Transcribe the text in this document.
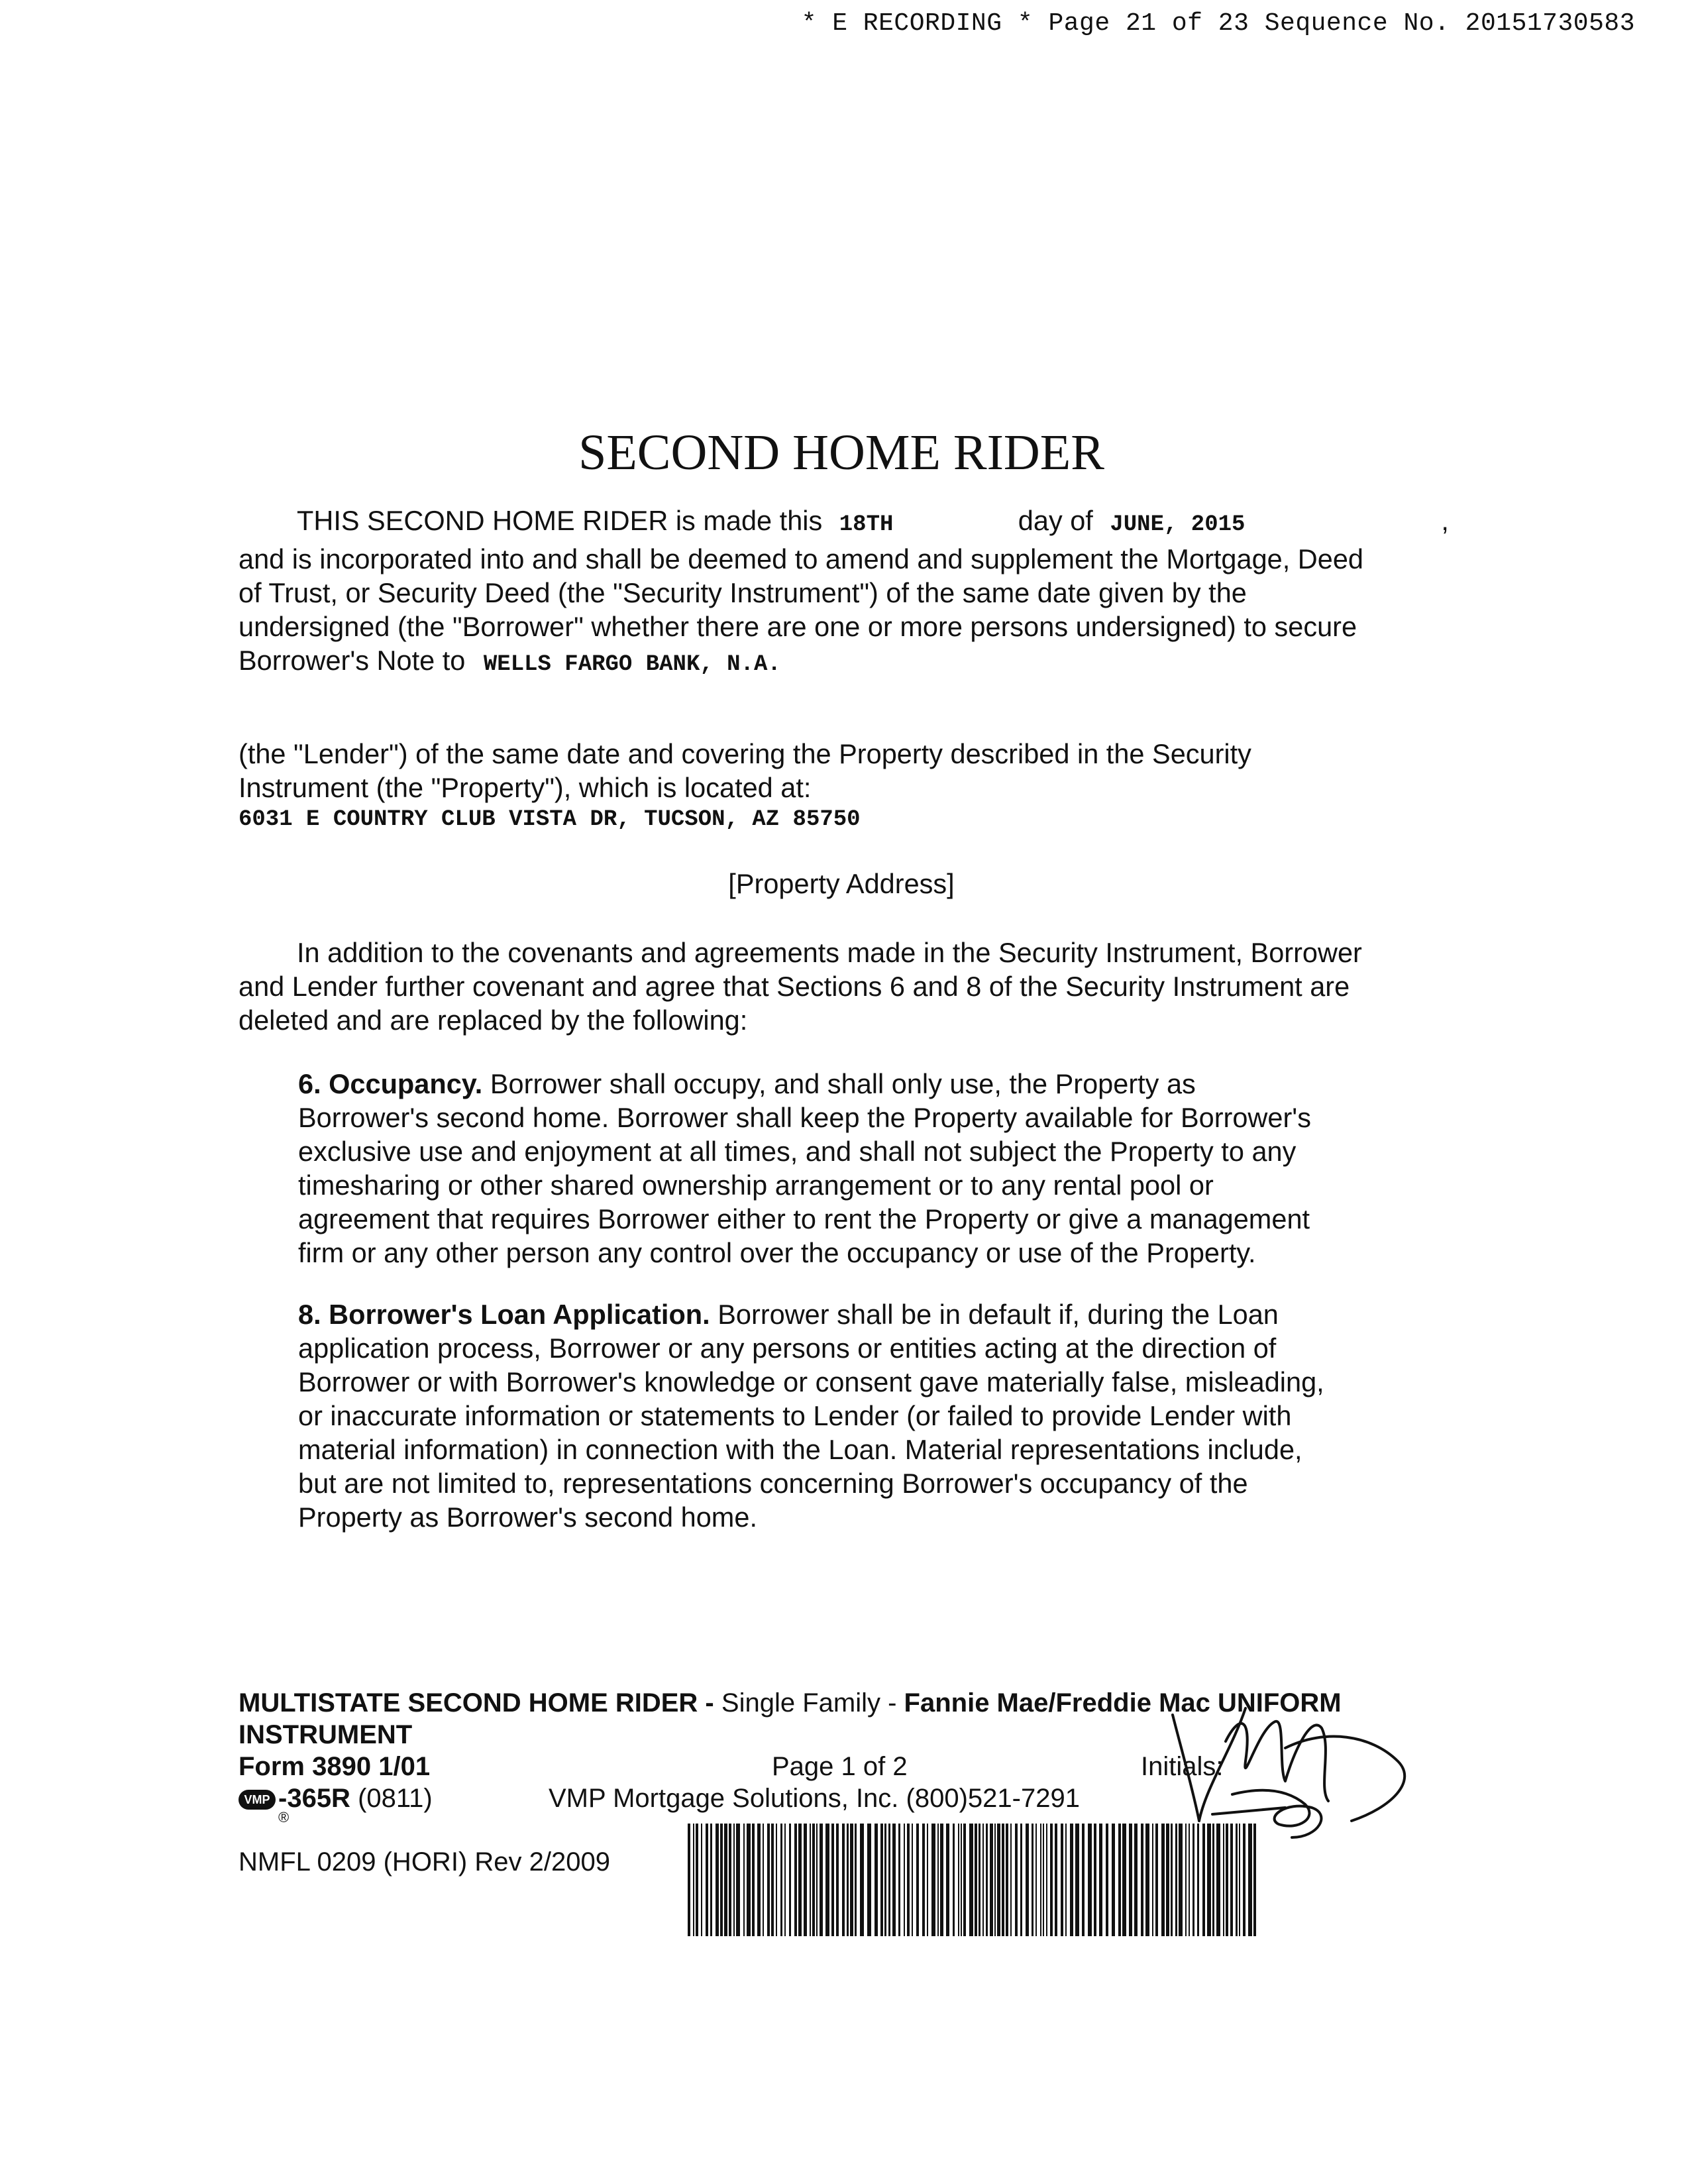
* E RECORDING * Page 21 of 23 Sequence No. 20151730583
SECOND HOME RIDER
THIS SECOND HOME RIDER is made this 18TH	day of JUNE, 2015	,
and is incorporated into and shall be deemed to amend and supplement the Mortgage, Deed
of Trust, or Security Deed (the "Security Instrument") of the same date given by the
undersigned (the "Borrower" whether there are one or more persons undersigned) to secure
Borrower's Note to WELLS FARGO BANK, N.A.
(the "Lender") of the same date and covering the Property described in the Security
Instrument (the "Property"), which is located at:
6031 E COUNTRY CLUB VISTA DR, TUCSON, AZ 85750
[Property Address]
In addition to the covenants and agreements made in the Security Instrument, Borrower
and Lender further covenant and agree that Sections 6 and 8 of the Security Instrument are
deleted and are replaced by the following:
6. Occupancy. Borrower shall occupy, and shall only use, the Property as
Borrower's second home. Borrower shall keep the Property available for Borrower's
exclusive use and enjoyment at all times, and shall not subject the Property to any
timesharing or other shared ownership arrangement or to any rental pool or
agreement that requires Borrower either to rent the Property or give a management
firm or any other person any control over the occupancy or use of the Property.
8. Borrower's Loan Application. Borrower shall be in default if, during the Loan
application process, Borrower or any persons or entities acting at the direction of
Borrower or with Borrower's knowledge or consent gave materially false, misleading,
or inaccurate information or statements to Lender (or failed to provide Lender with
material information) in connection with the Loan. Material representations include,
but are not limited to, representations concerning Borrower's occupancy of the
Property as Borrower's second home.
MULTISTATE SECOND HOME RIDER - Single Family - Fannie Mae/Freddie Mac UNIFORM
INSTRUMENT
Form 3890 1/01	Page 1 of 2	Initials:
VMP -365R (0811)
®
VMP Mortgage Solutions, Inc. (800)521-7291
NMFL 0209 (HORI) Rev 2/2009
